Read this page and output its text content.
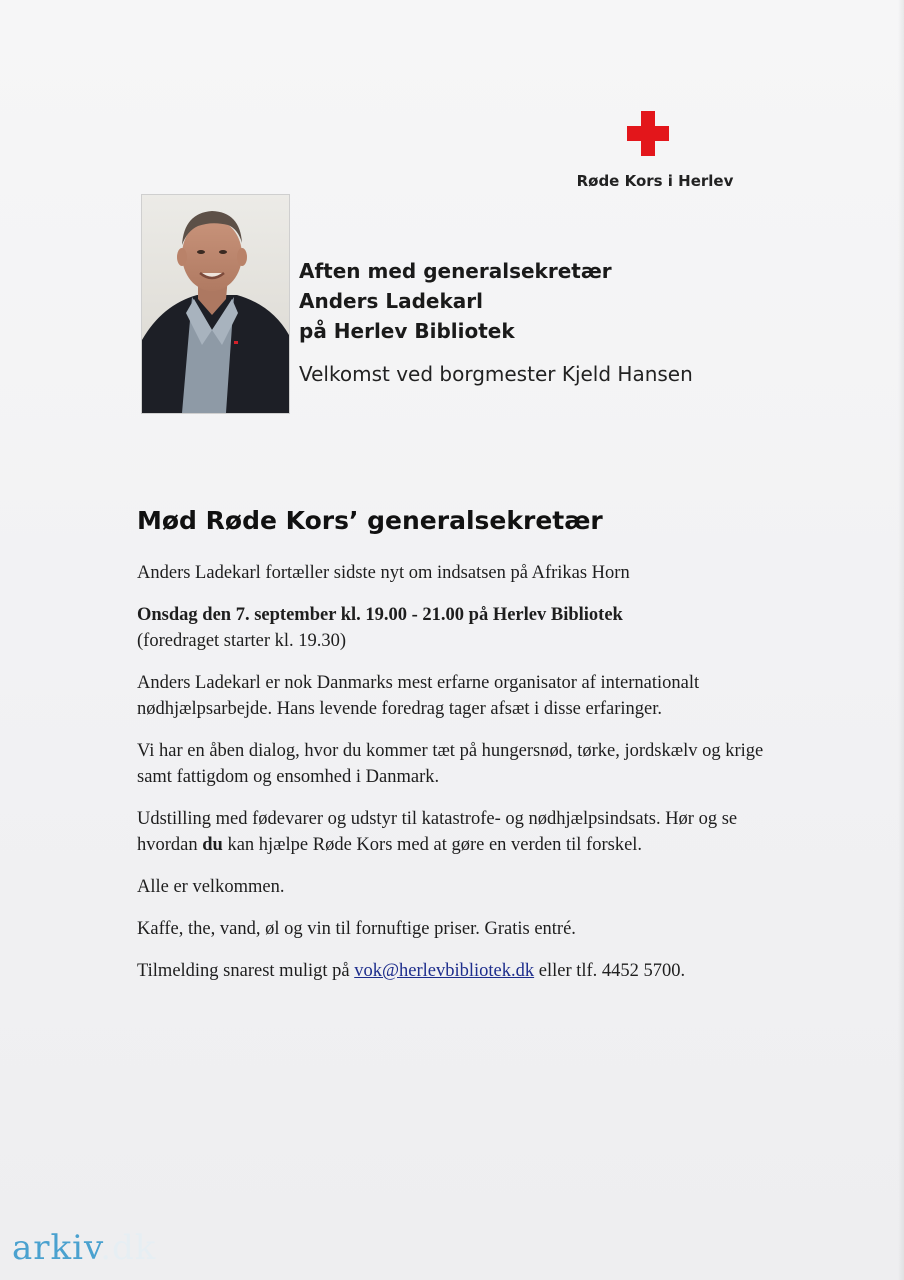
Røde Kors i Herlev
Aften med generalsekretær
Anders Ladekarl
på Herlev Bibliotek
Velkomst ved borgmester Kjeld Hansen
Mød Røde Kors’ generalsekretær

Anders Ladekarl fortæller sidste nyt om indsatsen på Afrikas Horn

Onsdag den 7. september kl. 19.00 - 21.00 på Herlev Bibliotek
(foredraget starter kl. 19.30)

Anders Ladekarl er nok Danmarks mest erfarne organisator af internationalt nødhjælpsarbejde. Hans levende foredrag tager afsæt i disse erfaringer.

Vi har en åben dialog, hvor du kommer tæt på hungersnød, tørke, jordskælv og krige samt fattigdom og ensomhed i Danmark.

Udstilling med fødevarer og udstyr til katastrofe- og nødhjælpsindsats. Hør og se hvordan du kan hjælpe Røde Kors med at gøre en verden til forskel.

Alle er velkommen.

Kaffe, the, vand, øl og vin til fornuftige priser. Gratis entré.

Tilmelding snarest muligt på vok@herlevbibliotek.dk eller tlf. 4452 5700.

arkiv.dk
